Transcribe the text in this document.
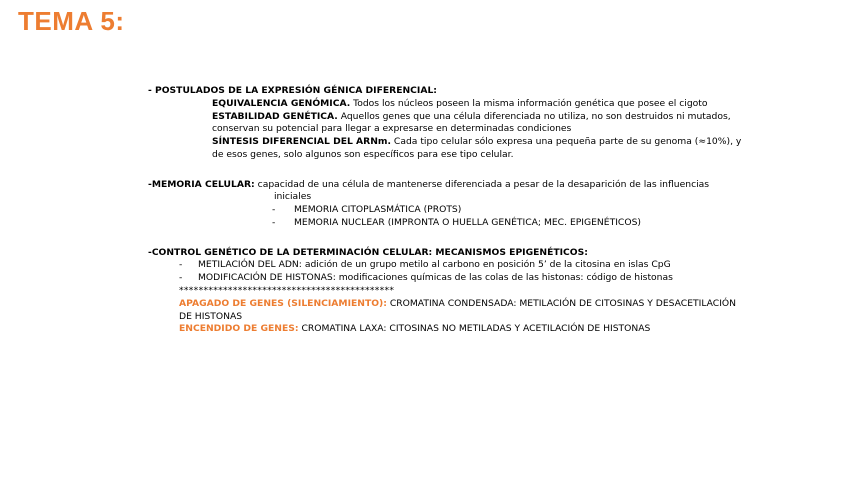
TEMA 5:
- POSTULADOS DE LA EXPRESIÓN GÉNICA DIFERENCIAL:
EQUIVALENCIA GENÓMICA. Todos los núcleos poseen la misma información genética que posee el cigoto
ESTABILIDAD GENÉTICA. Aquellos genes que una célula diferenciada no utiliza, no son destruidos ni mutados,
conservan su potencial para llegar a expresarse en determinadas condiciones
SÍNTESIS DIFERENCIAL DEL ARNm. Cada tipo celular sólo expresa una pequeña parte de su genoma (≈10%), y
de esos genes, solo algunos son específicos para ese tipo celular.
-MEMORIA CELULAR: capacidad de una célula de mantenerse diferenciada a pesar de la desaparición de las influencias
iniciales
- MEMORIA CITOPLASMÁTICA (PROTS)
- MEMORIA NUCLEAR (IMPRONTA O HUELLA GENÉTICA; MEC. EPIGENÉTICOS)
-CONTROL GENÉTICO DE LA DETERMINACIÓN CELULAR: MECANISMOS EPIGENÉTICOS:
- METILACIÓN DEL ADN: adición de un grupo metilo al carbono en posición 5’ de la citosina en islas CpG
- MODIFICACIÓN DE HISTONAS: modificaciones químicas de las colas de las histonas: código de histonas
********************************************
APAGADO DE GENES (SILENCIAMIENTO): CROMATINA CONDENSADA: METILACIÓN DE CITOSINAS Y DESACETILACIÓN
DE HISTONAS
ENCENDIDO DE GENES: CROMATINA LAXA: CITOSINAS NO METILADAS Y ACETILACIÓN DE HISTONAS
